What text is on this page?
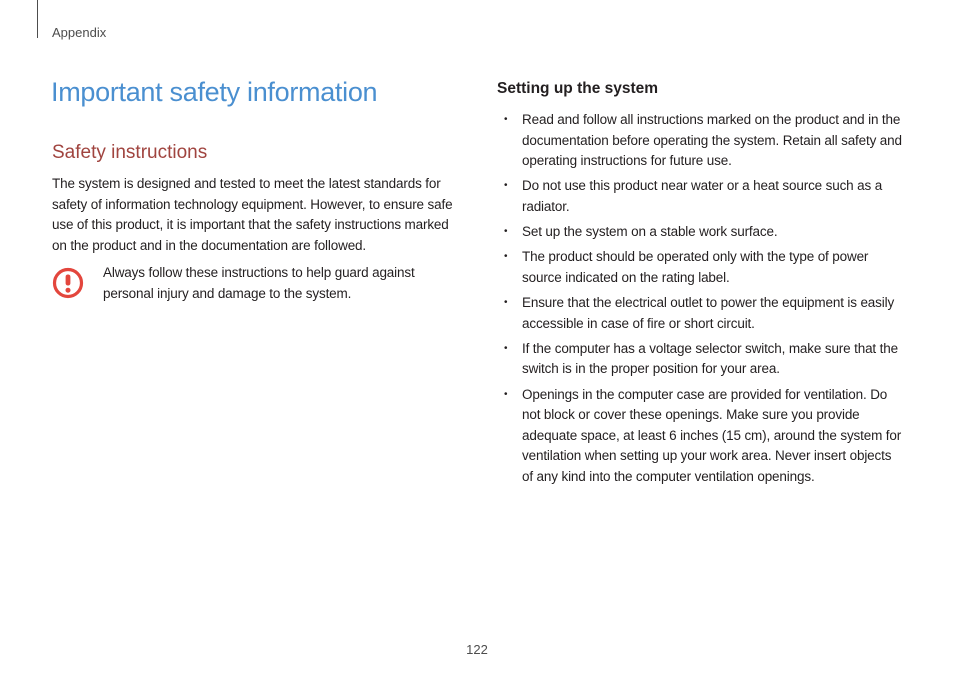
Appendix
Important safety information
Safety instructions

The system is designed and tested to meet the latest standards for safety of information technology equipment. However, to ensure safe use of this product, it is important that the safety instructions marked on the product and in the documentation are followed.

Always follow these instructions to help guard against personal injury and damage to the system.

Setting up the system
• Read and follow all instructions marked on the product and in the documentation before operating the system. Retain all safety and operating instructions for future use.
• Do not use this product near water or a heat source such as a radiator.
• Set up the system on a stable work surface.
• The product should be operated only with the type of power source indicated on the rating label.
• Ensure that the electrical outlet to power the equipment is easily accessible in case of fire or short circuit.
• If the computer has a voltage selector switch, make sure that the switch is in the proper position for your area.
• Openings in the computer case are provided for ventilation. Do not block or cover these openings. Make sure you provide adequate space, at least 6 inches (15 cm), around the system for ventilation when setting up your work area. Never insert objects of any kind into the computer ventilation openings.
122
